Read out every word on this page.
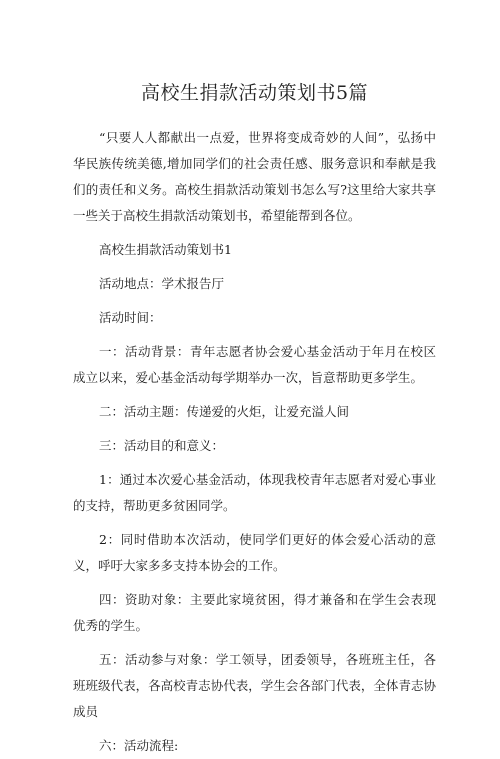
高校生捐款活动策划书5篇

“只要人人都献出一点爱，世界将变成奇妙的人间”，弘扬中华民族传统美德,增加同学们的社会责任感、服务意识和奉献是我们的责任和义务。高校生捐款活动策划书怎么写?这里给大家共享一些关于高校生捐款活动策划书，希望能帮到各位。

高校生捐款活动策划书1

活动地点：学术报告厅

活动时间：

一：活动背景：青年志愿者协会爱心基金活动于年月在校区成立以来，爱心基金活动每学期举办一次，旨意帮助更多学生。

二：活动主题：传递爱的火炬，让爱充溢人间

三：活动目的和意义：

1：通过本次爱心基金活动，体现我校青年志愿者对爱心事业的支持，帮助更多贫困同学。

2：同时借助本次活动，使同学们更好的体会爱心活动的意义，呼吁大家多多支持本协会的工作。

四：资助对象：主要此家境贫困，得才兼备和在学生会表现优秀的学生。

五：活动参与对象：学工领导，团委领导，各班班主任，各班班级代表，各高校青志协代表，学生会各部门代表，全体青志协成员

六：活动流程:
